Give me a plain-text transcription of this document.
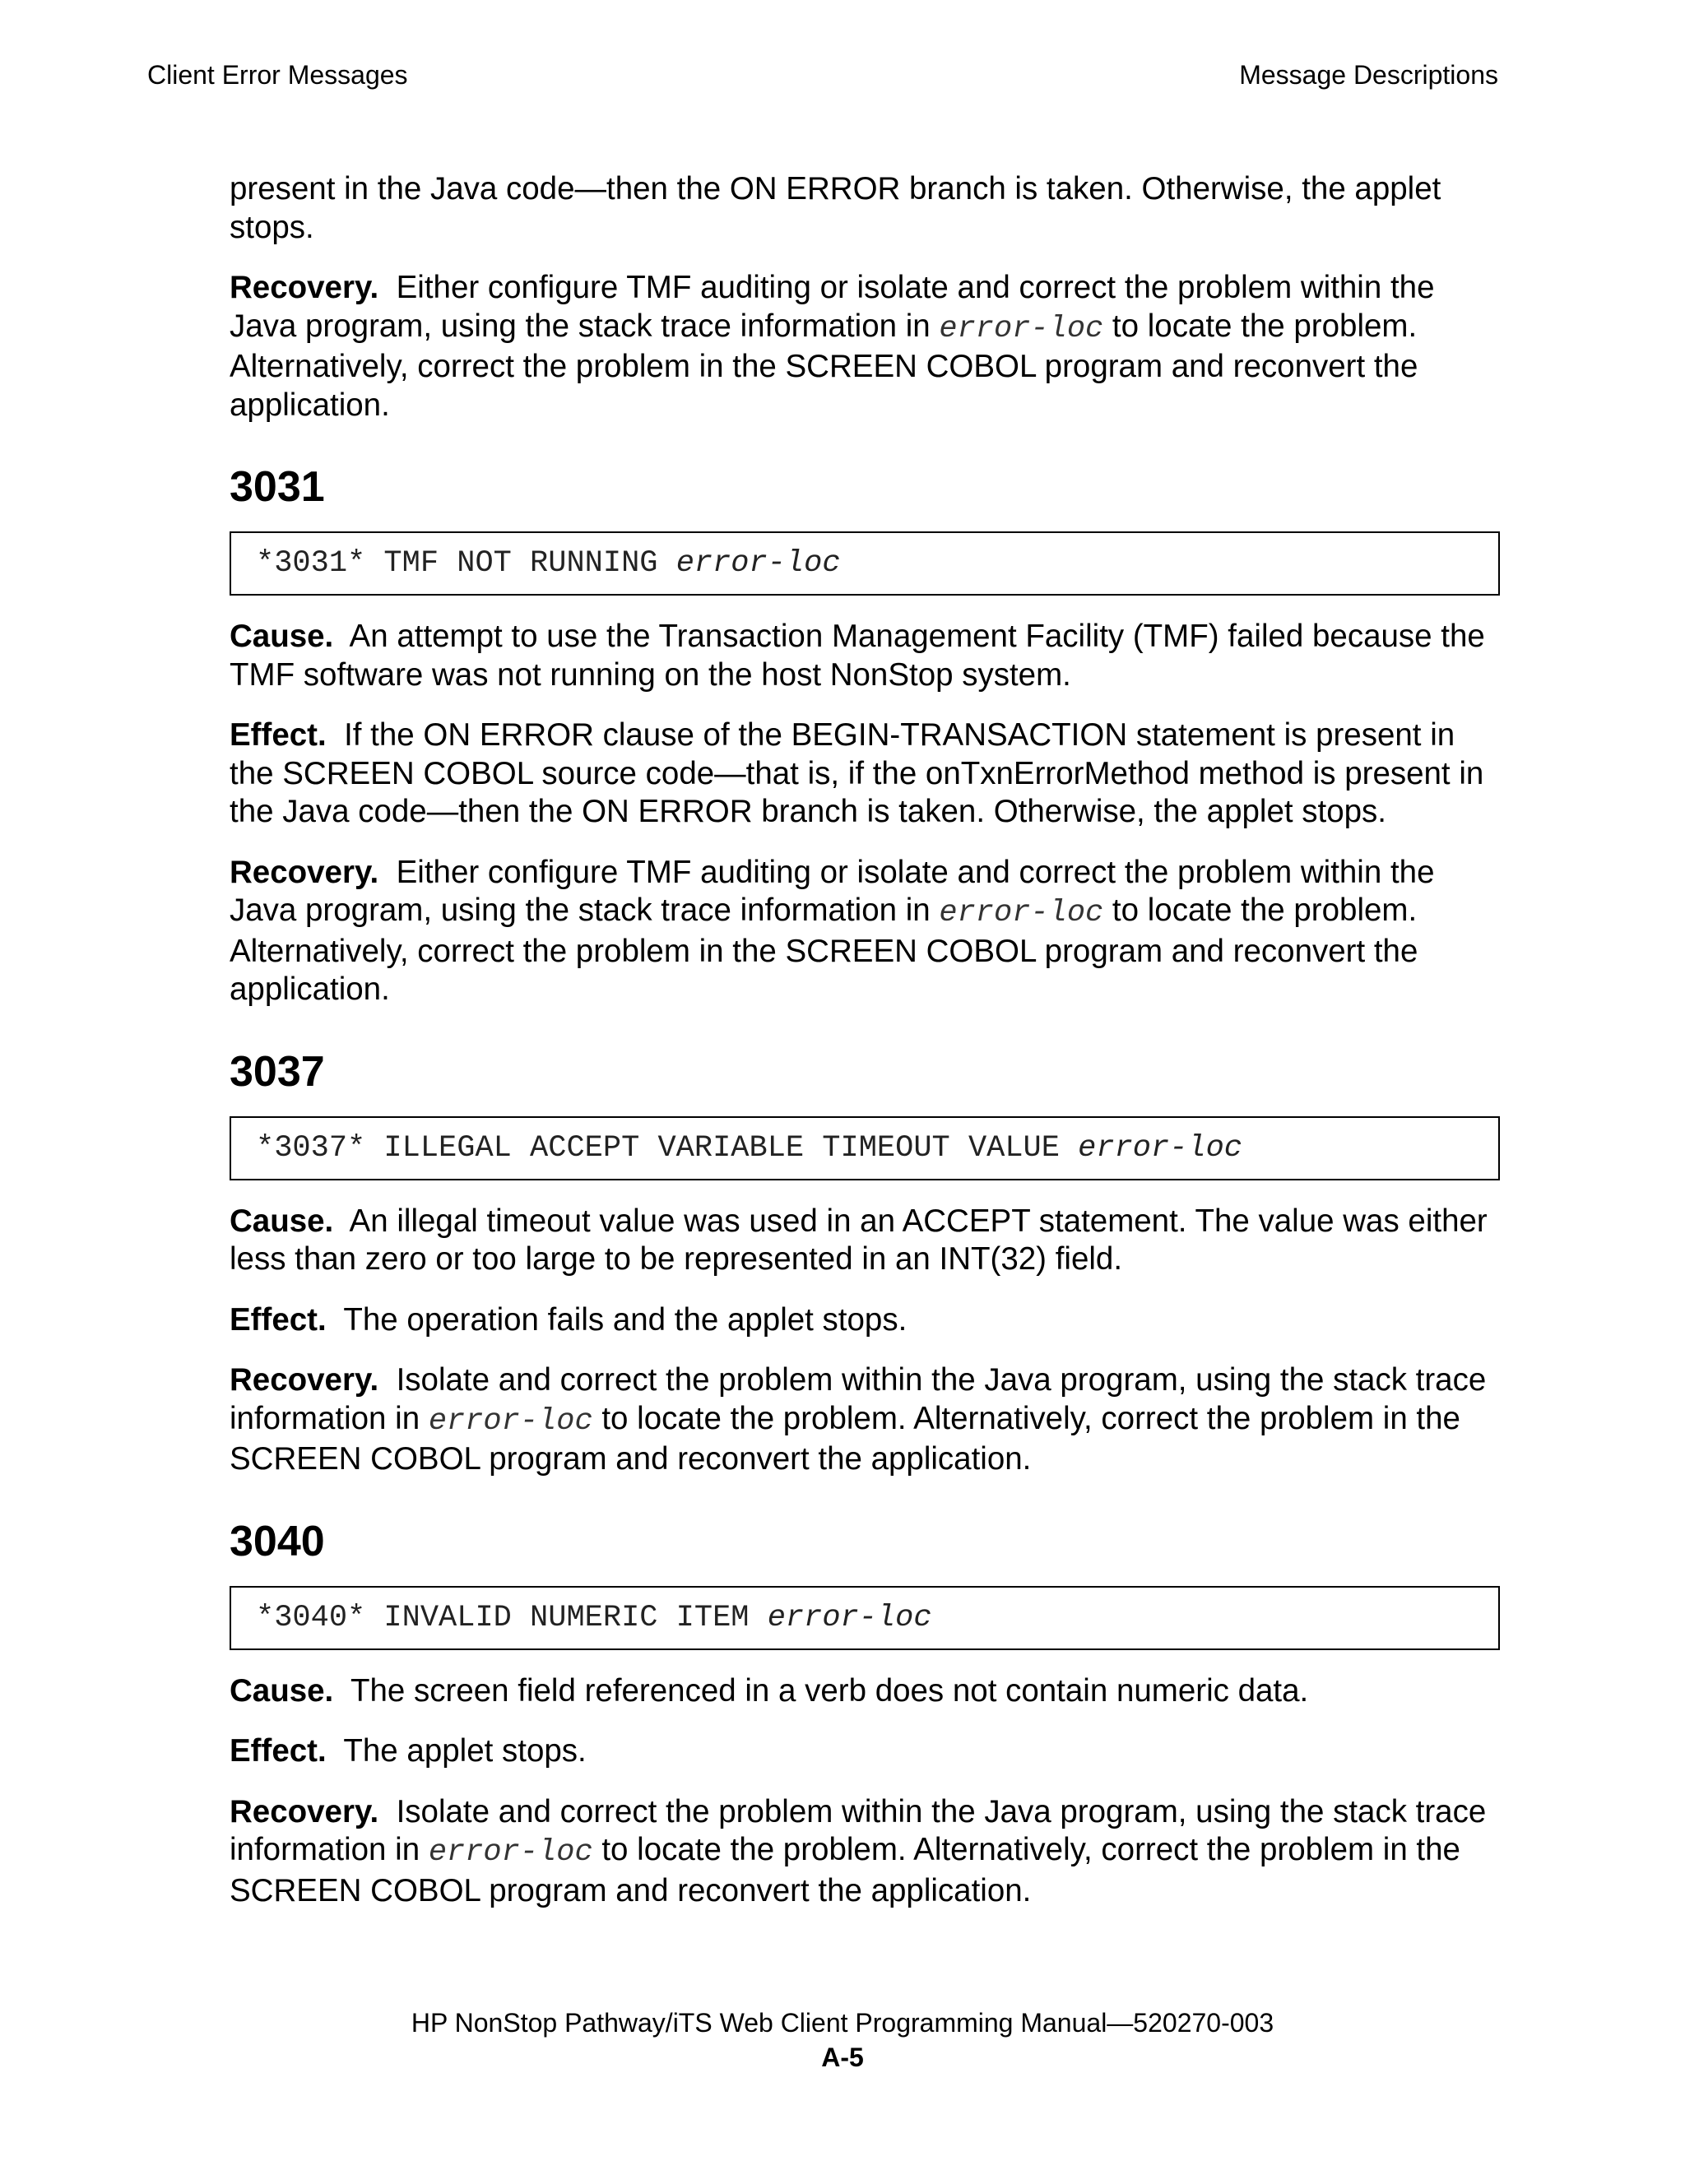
Client Error Messages	Message Descriptions

present in the Java code—then the ON ERROR branch is taken. Otherwise, the applet stops.

Recovery. Either configure TMF auditing or isolate and correct the problem within the Java program, using the stack trace information in error-loc to locate the problem. Alternatively, correct the problem in the SCREEN COBOL program and reconvert the application.

3031
*3031* TMF NOT RUNNING error-loc

Cause. An attempt to use the Transaction Management Facility (TMF) failed because the TMF software was not running on the host NonStop system.

Effect. If the ON ERROR clause of the BEGIN-TRANSACTION statement is present in the SCREEN COBOL source code—that is, if the onTxnErrorMethod method is present in the Java code—then the ON ERROR branch is taken. Otherwise, the applet stops.

Recovery. Either configure TMF auditing or isolate and correct the problem within the Java program, using the stack trace information in error-loc to locate the problem. Alternatively, correct the problem in the SCREEN COBOL program and reconvert the application.

3037
*3037* ILLEGAL ACCEPT VARIABLE TIMEOUT VALUE error-loc

Cause. An illegal timeout value was used in an ACCEPT statement. The value was either less than zero or too large to be represented in an INT(32) field.

Effect. The operation fails and the applet stops.

Recovery. Isolate and correct the problem within the Java program, using the stack trace information in error-loc to locate the problem. Alternatively, correct the problem in the SCREEN COBOL program and reconvert the application.

3040
*3040* INVALID NUMERIC ITEM error-loc

Cause. The screen field referenced in a verb does not contain numeric data.

Effect. The applet stops.

Recovery. Isolate and correct the problem within the Java program, using the stack trace information in error-loc to locate the problem. Alternatively, correct the problem in the SCREEN COBOL program and reconvert the application.

HP NonStop Pathway/iTS Web Client Programming Manual—520270-003
A-5
